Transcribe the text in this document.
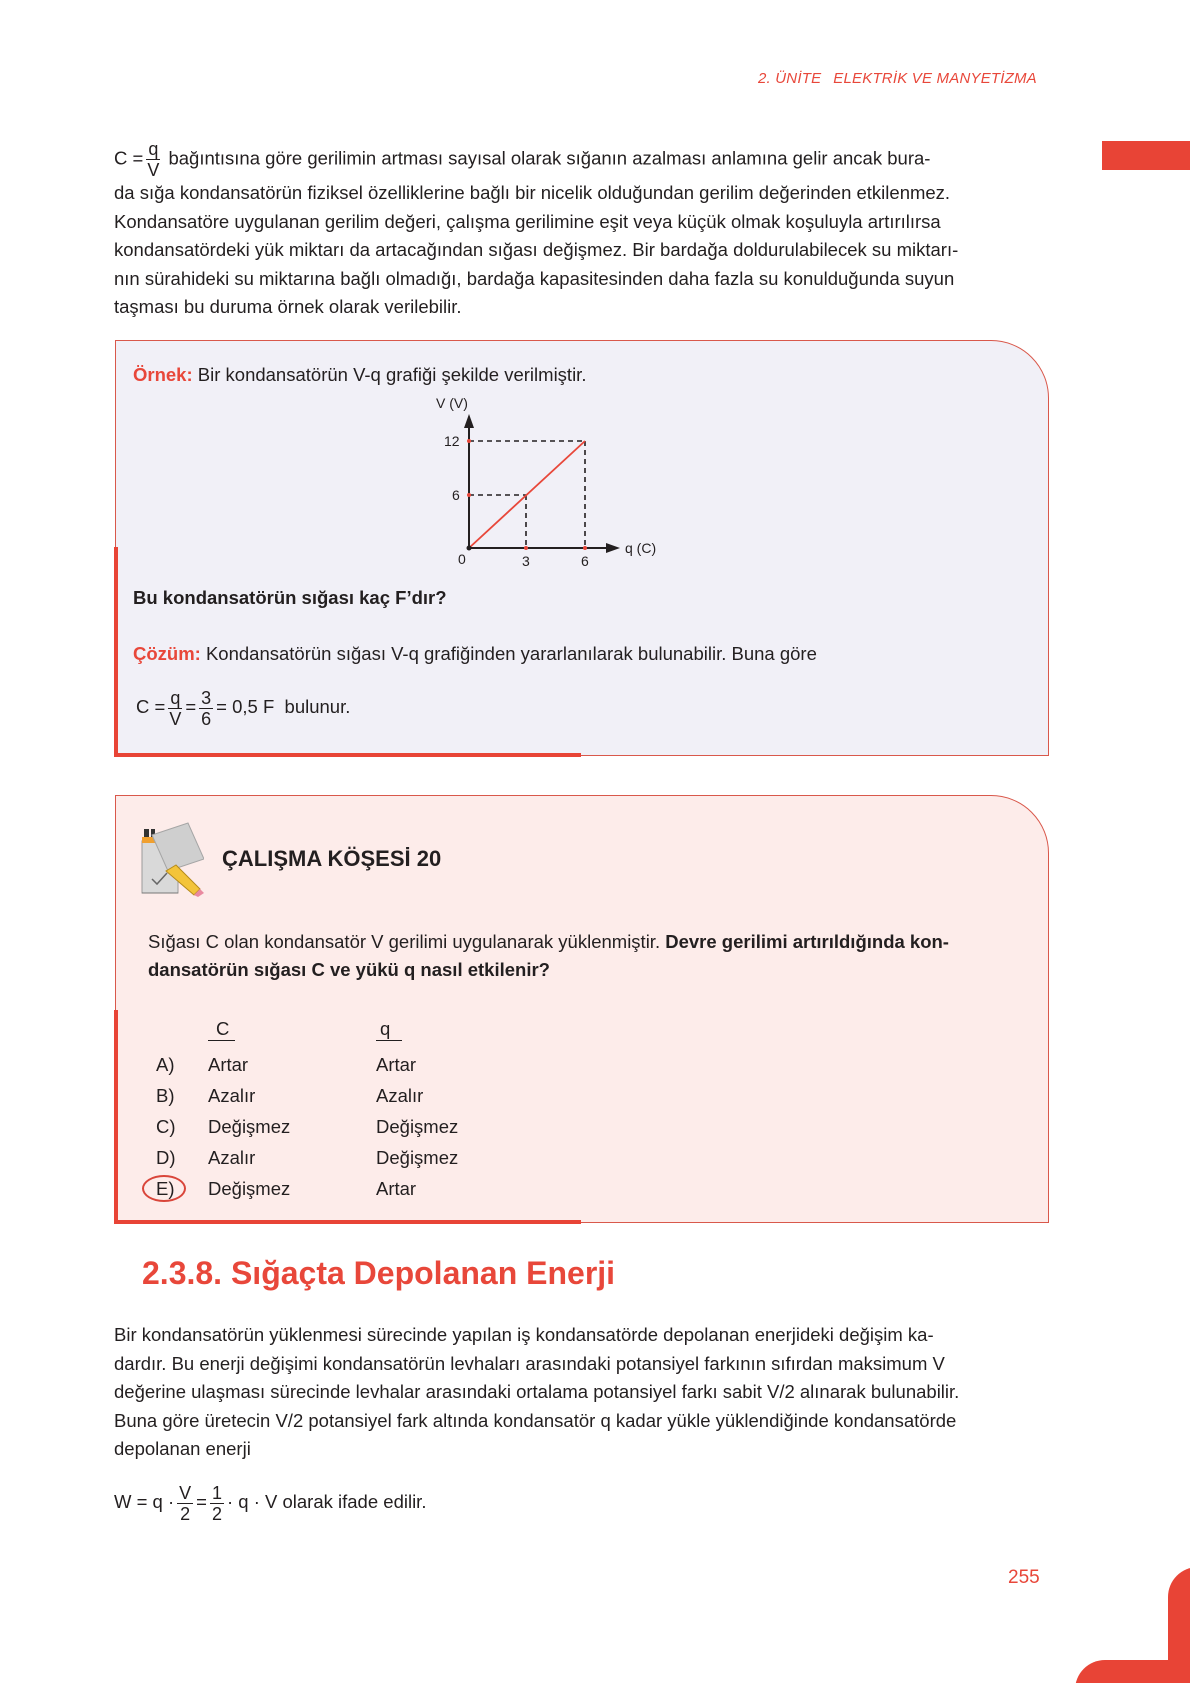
2. ÜNİTE ELEKTRİK VE MANYETİZMA
$C = \frac{q}{V}$ bağıntısına göre gerilimin artması sayısal olarak sığanın azalması anlamına gelir ancak bura-
da sığa kondansatörün fiziksel özelliklerine bağlı bir nicelik olduğundan gerilim değerinden etkilenmez.
Kondansatöre uygulanan gerilim değeri, çalışma gerilimine eşit veya küçük olmak koşuluyla artırılırsa
kondansatördeki yük miktarı da artacağından sığası değişmez. Bir bardağa doldurulabilecek su miktarı-
nın sürahideki su miktarına bağlı olmadığı, bardağa kapasitesinden daha fazla su konulduğunda suyun
taşması bu duruma örnek olarak verilebilir.
Örnek: Bir kondansatörün V-q grafiği şekilde verilmiştir.
V (V)
12
6
0	3	6
q (C)
Bu kondansatörün sığası kaç F’dır?
Çözüm: Kondansatörün sığası V-q grafiğinden yararlanılarak bulunabilir. Buna göre
$C = \frac{q}{V} = \frac{3}{6} = 0,5$ F bulunur.
ÇALIŞMA KÖŞESİ 20
Sığası C olan kondansatör V gerilimi uygulanarak yüklenmiştir. Devre gerilimi artırıldığında kon-
dansatörün sığası C ve yükü q nasıl etkilenir?
C	q
A) Artar	Artar
B) Azalır	Azalır
C) Değişmez	Değişmez
D) Azalır	Değişmez
E) Değişmez	Artar
2.3.8. Sığaçta Depolanan Enerji
Bir kondansatörün yüklenmesi sürecinde yapılan iş kondansatörde depolanan enerjideki değişim ka-
dardır. Bu enerji değişimi kondansatörün levhaları arasındaki potansiyel farkının sıfırdan maksimum V
değerine ulaşması sürecinde levhalar arasındaki ortalama potansiyel farkı sabit V/2 alınarak bulunabilir.
Buna göre üretecin V/2 potansiyel fark altında kondansatör q kadar yükle yüklendiğinde kondansatörde
depolanan enerji
$W = q \cdot \frac{V}{2} = \frac{1}{2} \cdot q \cdot V$ olarak ifade edilir.
255
